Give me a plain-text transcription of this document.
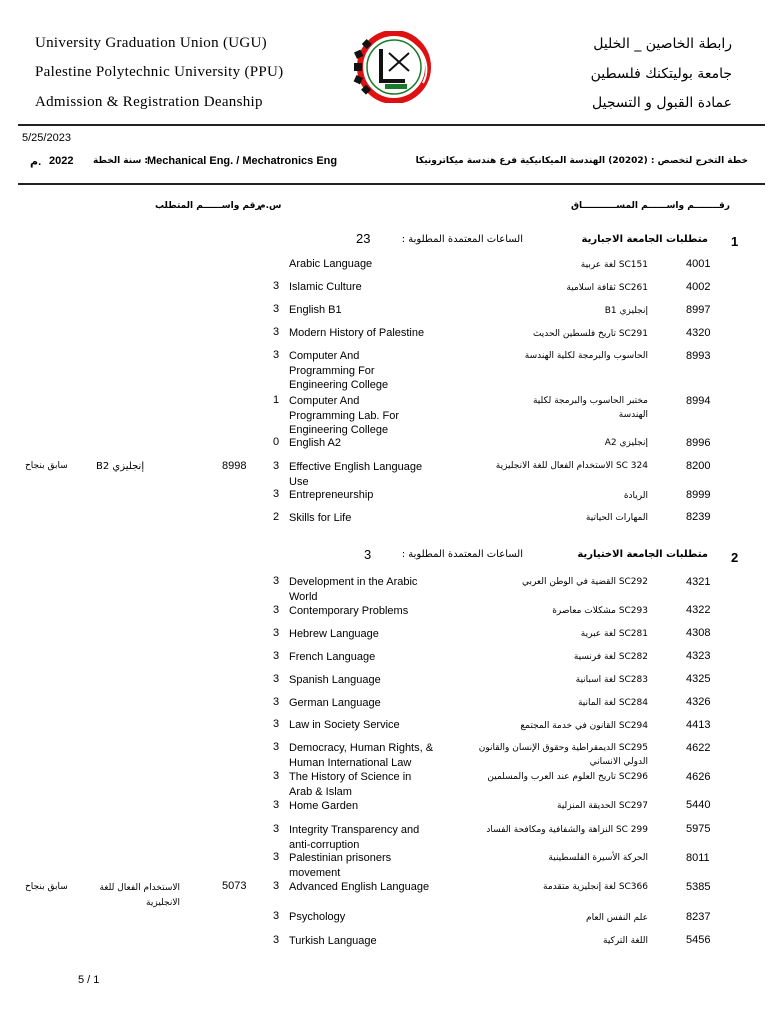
University Graduation Union (UGU)
Palestine Polytechnic University (PPU)
Admission & Registration Deanship
رابطة الخاصين _ الخليل
جامعة بوليتكنك فلسطين
عمادة القبول و التسجيل
5/25/2023
م. 2022 : سنة الخطة
Mechanical Eng. / Mechatronics Eng	خطة التخرج لتخصص : (20202) الهندسة الميكانيكية فرع هندسة ميكاترونيكا
رقــــــــم واســــــم المســـــــــــاق
س.م
رقم واســــــم المتطلب
1
متطلبات الجامعة الاجبارية
الساعات المعتمدة المطلوبة :
23
4001
SC151 لغة عربية
Arabic Language
4002
SC261 ثقافة اسلامية
3 Islamic Culture
8997
إنجليزي B1
3 English B1
4320
SC291 تاريخ فلسطين الحديث
3 Modern History of Palestine
8993
الحاسوب والبرمجة لكلية الهندسة
3 Computer And Programming For Engineering College
8994
مختبر الحاسوب والبرمجة لكلية الهندسة
1 Computer And Programming Lab. For Engineering College
8996
إنجليزي A2
0 English A2
8200
SC 324 الاستخدام الفعال للغة الانجليزية
3 Effective English Language Use
8998
إنجليزي B2
سابق بنجاح
8999
الريادة
3 Entrepreneurship
8239
المهارات الحياتية
2 Skills for Life
2
متطلبات الجامعة الاختيارية
الساعات المعتمدة المطلوبة :
3
4321
SC292 القضية في الوطن العربي
3 Development in the Arabic World
4322
SC293 مشكلات معاصرة
3 Contemporary Problems
4308
SC281 لغة عبرية
3 Hebrew Language
4323
SC282 لغة فرنسية
3 French Language
4325
SC283 لغة اسبانية
3 Spanish Language
4326
SC284 لغة المانية
3 German Language
4413
SC294 القانون في خدمة المجتمع
3 Law in Society Service
4622
SC295 الديمقراطية وحقوق الإنسان والقانون الدولي الانساني
3 Democracy, Human Rights, & Human International Law
4626
SC296 تاريخ العلوم عند العرب والمسلمين
3 The History of Science in Arab & Islam
5440
SC297 الحديقة المنزلية
3 Home Garden
5975
SC 299 النزاهة والشفافية ومكافحة الفساد
3 Integrity Transparency and anti-corruption
8011
الحركة الأسيرة الفلسطينية
3 Palestinian prisoners movement
5385
SC366 لغة إنجليزية متقدمة
3 Advanced English Language
5073
الاستخدام الفعال للغة الانجليزية
سابق بنجاح
8237
علم النفس العام
3 Psychology
5456
اللغة التركية
3 Turkish Language
5 / 1
